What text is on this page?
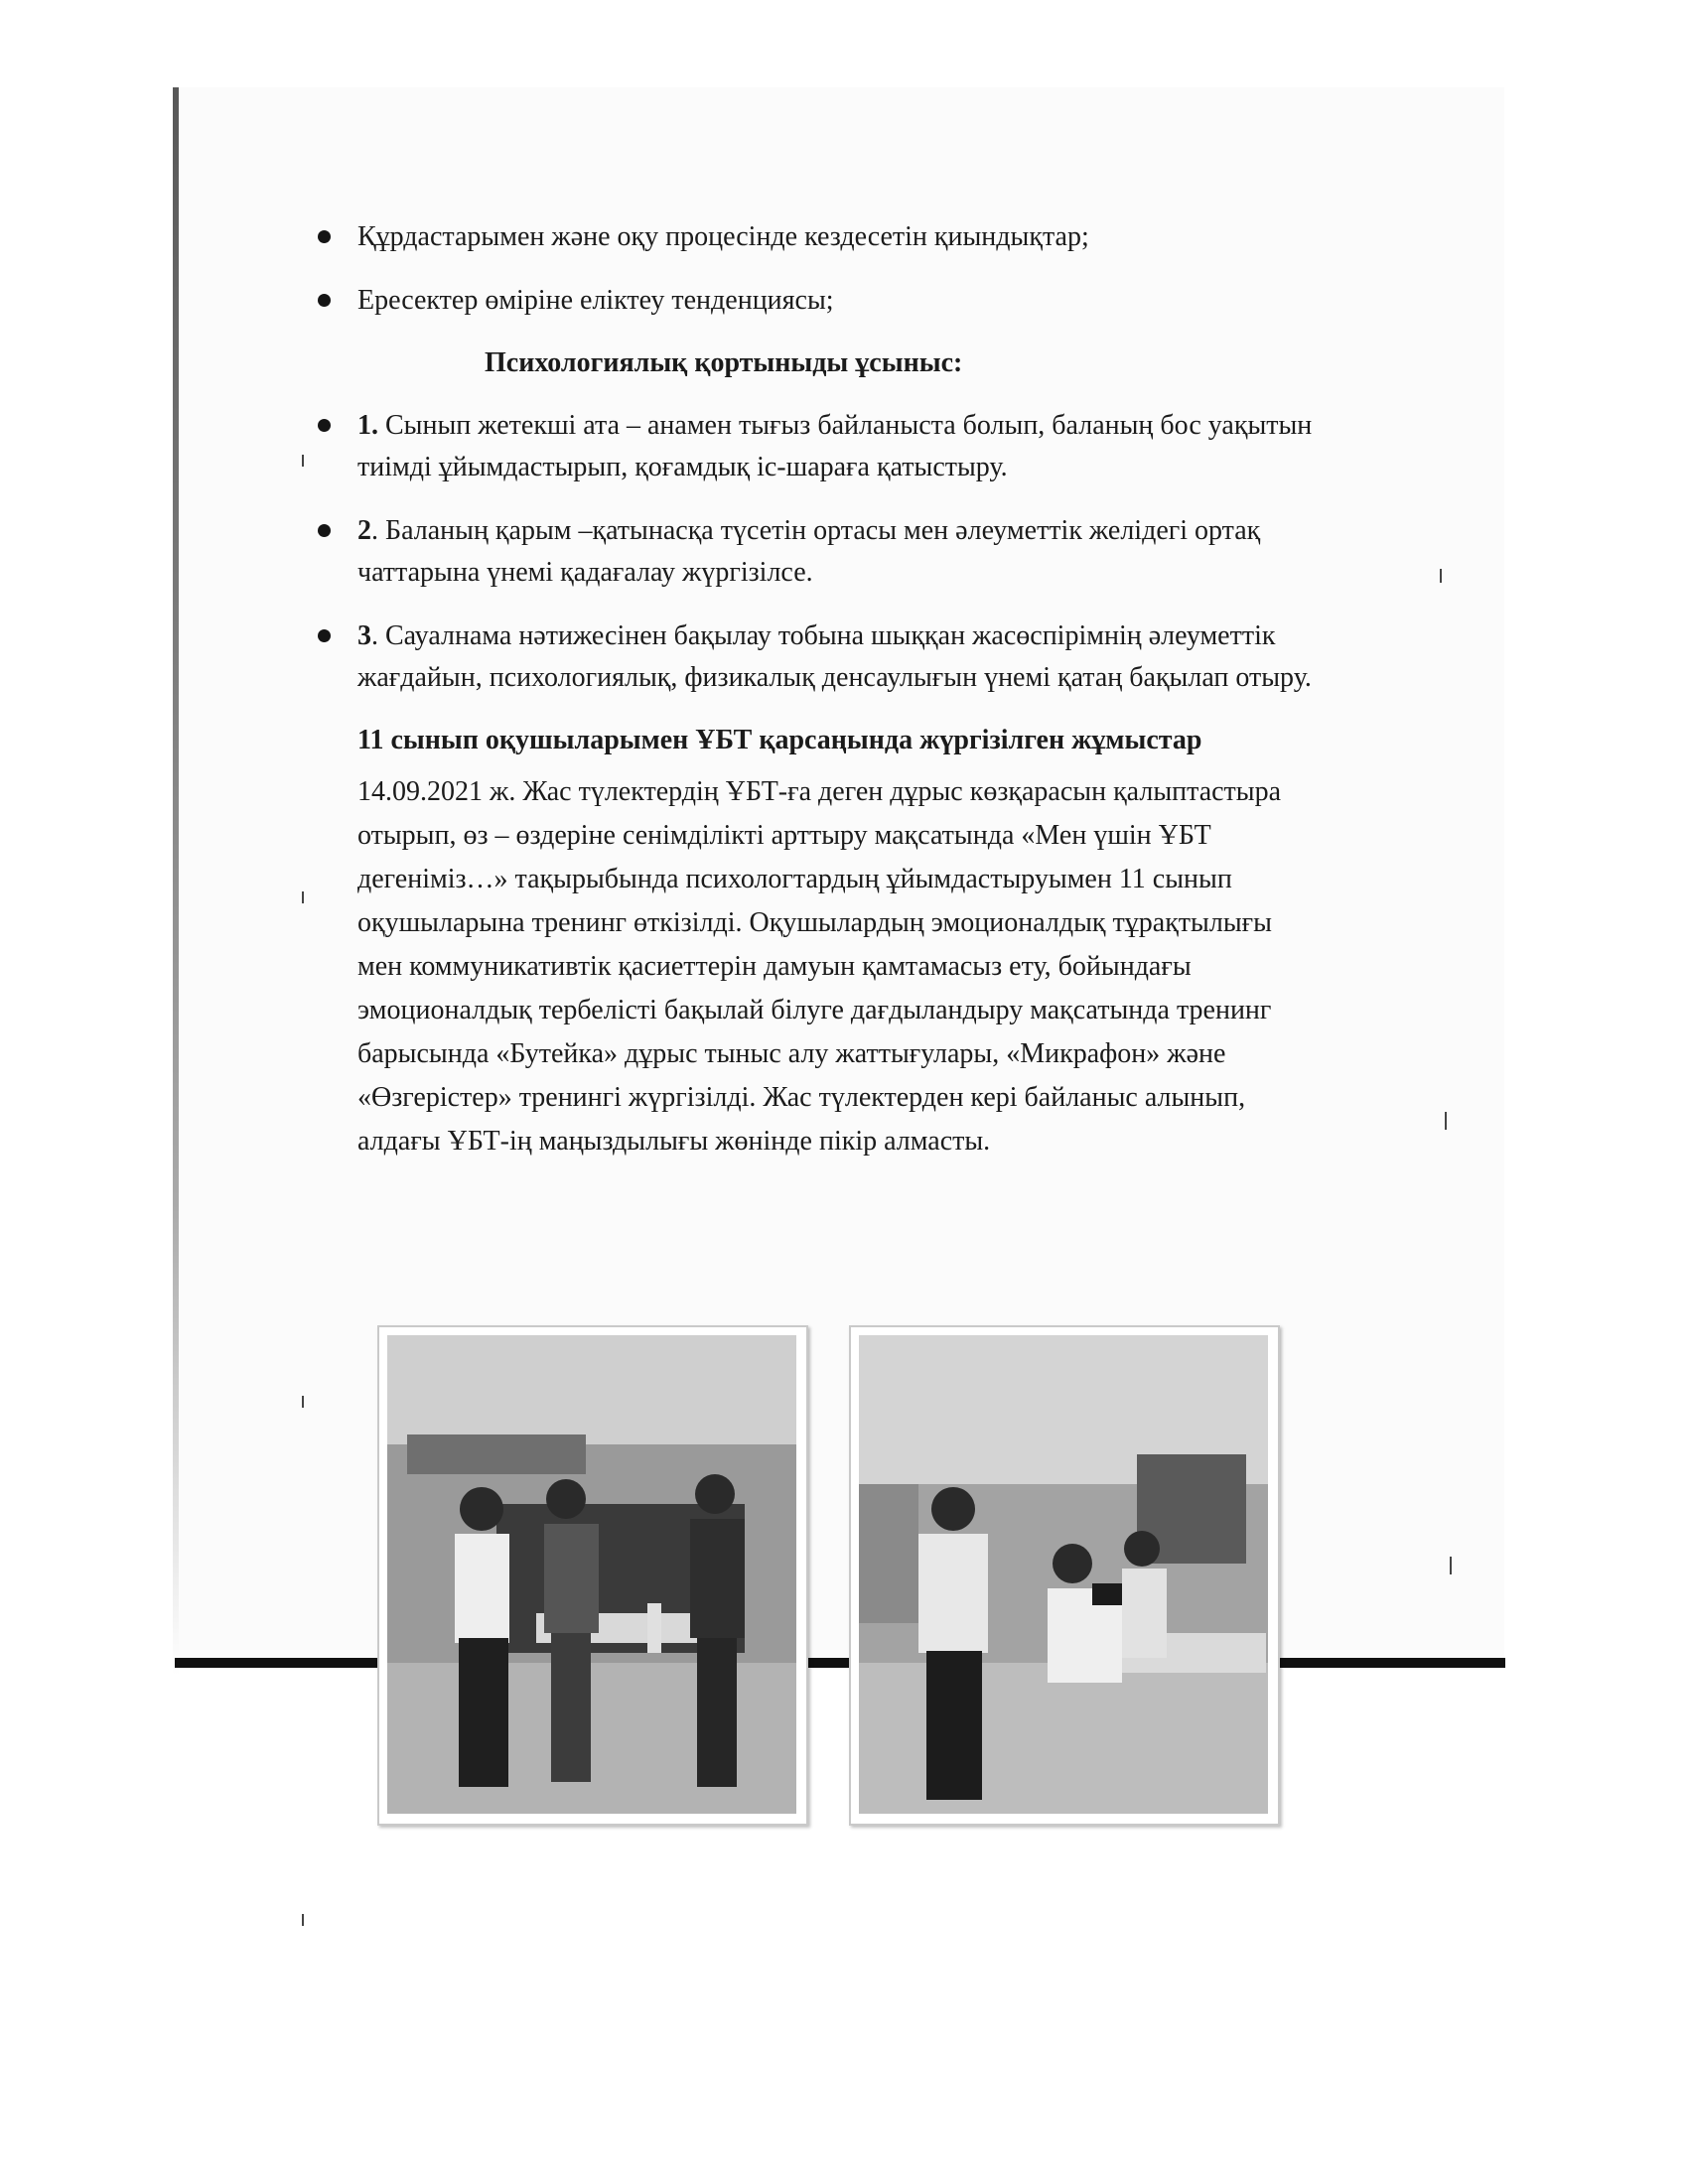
Құрдастарымен және оқу процесінде кездесетін қиындықтар;
Ересектер өміріне еліктеу тенденциясы;
Психологиялық қортыныды ұсыныс:
1. Сынып жетекші ата – анамен тығыз байланыста болып, баланың бос уақытын тиімді ұйымдастырып, қоғамдық іс-шараға қатыстыру.
2. Баланың қарым –қатынасқа түсетін ортасы мен әлеуметтік желідегі ортақ чаттарына үнемі қадағалау жүргізілсе.
3. Сауалнама нәтижесінен бақылау тобына шыққан жасөспірімнің әлеуметтік жағдайын, психологиялық, физикалық денсаулығын үнемі қатаң бақылап отыру.
11 сынып оқушыларымен ҰБТ қарсаңында жүргізілген жұмыстар
14.09.2021 ж. Жас түлектердің ҰБТ-ға деген дұрыс көзқарасын қалыптастыра отырып, өз – өздеріне сенімділікті арттыру мақсатында «Мен үшін ҰБТ дегеніміз…» тақырыбында психологтардың ұйымдастыруымен 11 сынып оқушыларына тренинг өткізілді. Оқушылардың эмоционалдық тұрақтылығы мен коммуникативтік қасиеттерін дамуын қамтамасыз ету, бойындағы эмоционалдық тербелісті бақылай білуге дағдыландыру мақсатында тренинг барысында «Бутейка» дұрыс тыныс алу жаттығулары, «Микрафон» және «Өзгерістер» тренингі жүргізілді. Жас түлектерден кері байланыс алынып, алдағы ҰБТ-ің маңыздылығы жөнінде пікір алмасты.
